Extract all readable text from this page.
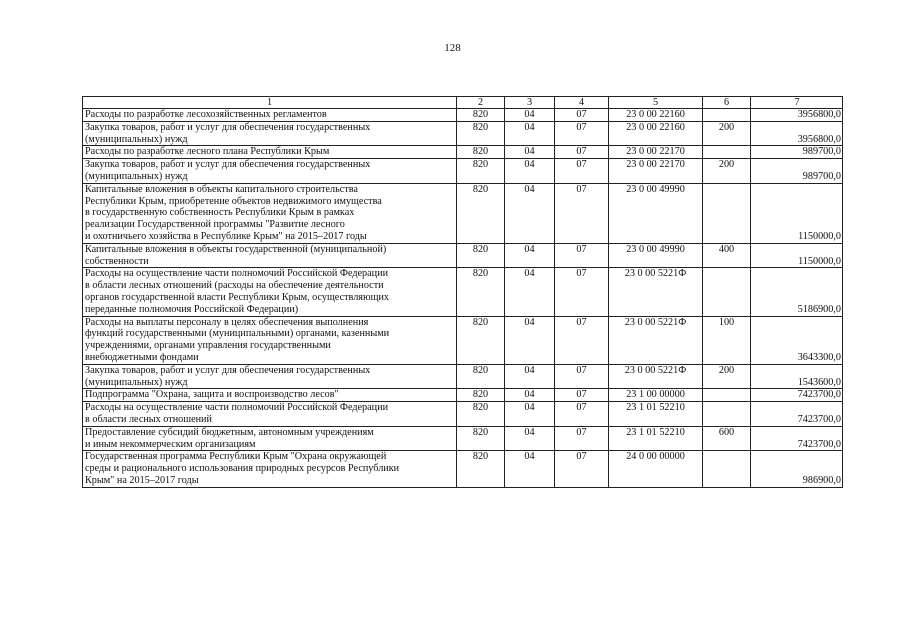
128
1	2	3	4	5	6	7
Расходы по разработке лесохозяйственных регламентов	820	04	07	23 0 00 22160		3956800,0
Закупка товаров, работ и услуг для обеспечения государственных
(муниципальных) нужд	820	04	07	23 0 00 22160	200	3956800,0
Расходы по разработке лесного плана Республики Крым	820	04	07	23 0 00 22170		989700,0
Закупка товаров, работ и услуг для обеспечения государственных
(муниципальных) нужд	820	04	07	23 0 00 22170	200	989700,0
Капитальные вложения в объекты капитального строительства
Республики Крым, приобретение объектов недвижимого имущества
в государственную собственность Республики Крым в рамках
реализации Государственной программы "Развитие лесного
и охотничьего хозяйства в Республике Крым" на 2015–2017 годы	820	04	07	23 0 00 49990		1150000,0
Капитальные вложения в объекты государственной (муниципальной)
собственности	820	04	07	23 0 00 49990	400	1150000,0
Расходы на осуществление части полномочий Российской Федерации
в области лесных отношений (расходы на обеспечение деятельности
органов государственной власти Республики Крым, осуществляющих
переданные полномочия Российской Федерации)	820	04	07	23 0 00 5221Ф		5186900,0
Расходы на выплаты персоналу в целях обеспечения выполнения
функций государственными (муниципальными) органами, казенными
учреждениями, органами управления государственными
внебюджетными фондами	820	04	07	23 0 00 5221Ф	100	3643300,0
Закупка товаров, работ и услуг для обеспечения государственных
(муниципальных) нужд	820	04	07	23 0 00 5221Ф	200	1543600,0
Подпрограмма "Охрана, защита и воспроизводство лесов"	820	04	07	23 1 00 00000		7423700,0
Расходы на осуществление части полномочий Российской Федерации
в области лесных отношений	820	04	07	23 1 01 52210		7423700,0
Предоставление субсидий бюджетным, автономным учреждениям
и иным некоммерческим организациям	820	04	07	23 1 01 52210	600	7423700,0
Государственная программа Республики Крым "Охрана окружающей
среды и рационального использования природных ресурсов Республики
Крым" на 2015–2017 годы	820	04	07	24 0 00 00000		986900,0
